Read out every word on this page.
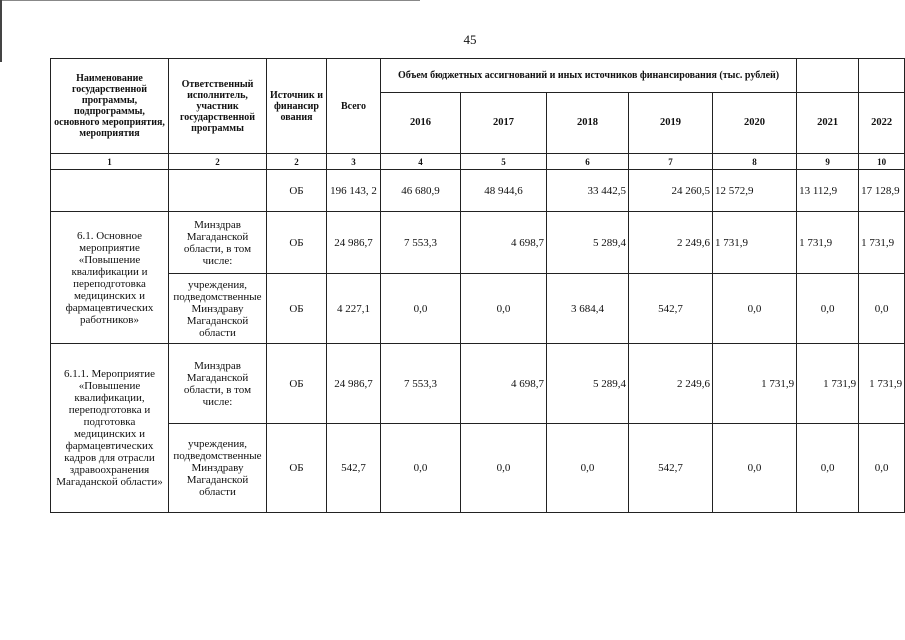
45
Наименование государственной программы, подпрограммы, основного мероприятия, мероприятия	Ответственный исполнитель, участник государственной программы	Источник и финансир ования	Всего	Объем бюджетных ассигнований и иных источников финансирования (тыс. рублей)						
				2016	2017	2018	2019	2020	2021	2022
1	2	2	3	4	5	6	7	8	9	10
		ОБ	196 143, 2	46 680,9	48 944,6	33 442,5	24 260,5	12 572,9	13 112,9	17 128,9
6.1. Основное мероприятие «Повышение квалификации и переподготовка медицинских и фармацевтических работников»	Минздрав Магаданской области, в том числе:	ОБ	24 986,7	7 553,3	4 698,7	5 289,4	2 249,6	1 731,9	1 731,9	1 731,9
	учреждения, подведомственные Минздраву Магаданской области	ОБ	4 227,1	0,0	0,0	3 684,4	542,7	0,0	0,0	0,0
6.1.1. Мероприятие «Повышение квалификации, переподготовка и подготовка медицинских и фармацевтических кадров для отрасли здравоохранения Магаданской области»	Минздрав Магаданской области, в том числе:	ОБ	24 986,7	7 553,3	4 698,7	5 289,4	2 249,6	1 731,9	1 731,9	1 731,9
	учреждения, подведомственные Минздраву Магаданской области	ОБ	542,7	0,0	0,0	0,0	542,7	0,0	0,0	0,0
